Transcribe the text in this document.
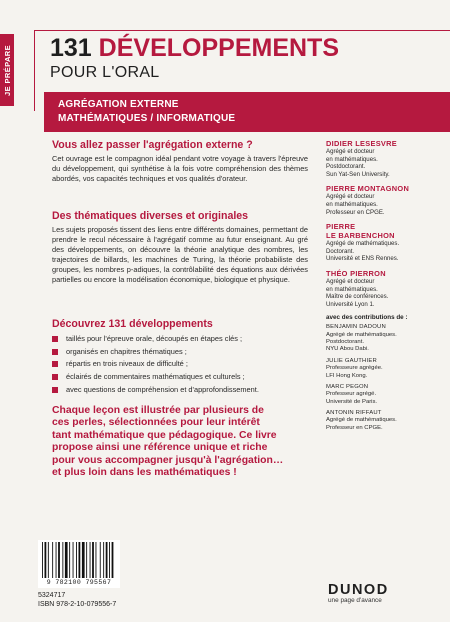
JE PRÉPARE 131 DÉVELOPPEMENTS
POUR L'ORAL
AGRÉGATION EXTERNE
MATHÉMATIQUES / INFORMATIQUE

Vous allez passer l'agrégation externe ?

Cet ouvrage est le compagnon idéal pendant votre voyage à travers l'épreuve du développement, qui synthétise à la fois votre compréhension des thèmes abordés, vos capacités techniques et vos qualités d'orateur.

Des thématiques diverses et originales

Les sujets proposés tissent des liens entre différents domaines, permettant de prendre le recul nécessaire à l'agrégatif comme au futur enseignant. Au gré des développements, on découvre la théorie analytique des nombres, les trajectoires de billards, les machines de Turing, la théorie probabiliste des groupes, les nombres p-adiques, la contrôlabilité des équations aux dérivées partielles ou encore la modélisation économique, biologique et physique.

Découvrez 131 développements

taillés pour l'épreuve orale, découpés en étapes clés ;
organisés en chapitres thématiques ;
répartis en trois niveaux de difficulté ;
éclairés de commentaires mathématiques et culturels ;
avec questions de compréhension et d'approfondissement.
Chaque leçon est illustrée par plusieurs de
ces perles, sélectionnées pour leur intérêt
tant mathématique que pédagogique. Ce livre
propose ainsi une référence unique et riche
pour vous accompagner jusqu'à l'agrégation…
et plus loin dans les mathématiques !
DIDIER LESESVRE
Agrégé et docteur
en mathématiques.
Postdoctorant.
Sun Yat-Sen University.
PIERRE MONTAGNON
Agrégé et docteur
en mathématiques.
Professeur en CPGE.
PIERRE
LE BARBENCHON
Agrégé de mathématiques.
Doctorant.
Université et ENS Rennes.
THÉO PIERRON
Agrégé et docteur
en mathématiques.
Maître de conférences.
Université Lyon 1.
avec des contributions de :
BENJAMIN DADOUN
Agrégé de mathématiques.
Postdoctorant.
NYU Abou Dabi.
JULIE GAUTHIER
Professeure agrégée.
LFI Hong Kong.
MARC PEGON
Professeur agrégé.
Université de Paris.
ANTONIN RIFFAUT
Agrégé de mathématiques.
Professeur en CPGE.
9 782100 795567
5324717
ISBN 978-2-10-079556-7
DUNOD
une page d'avance
